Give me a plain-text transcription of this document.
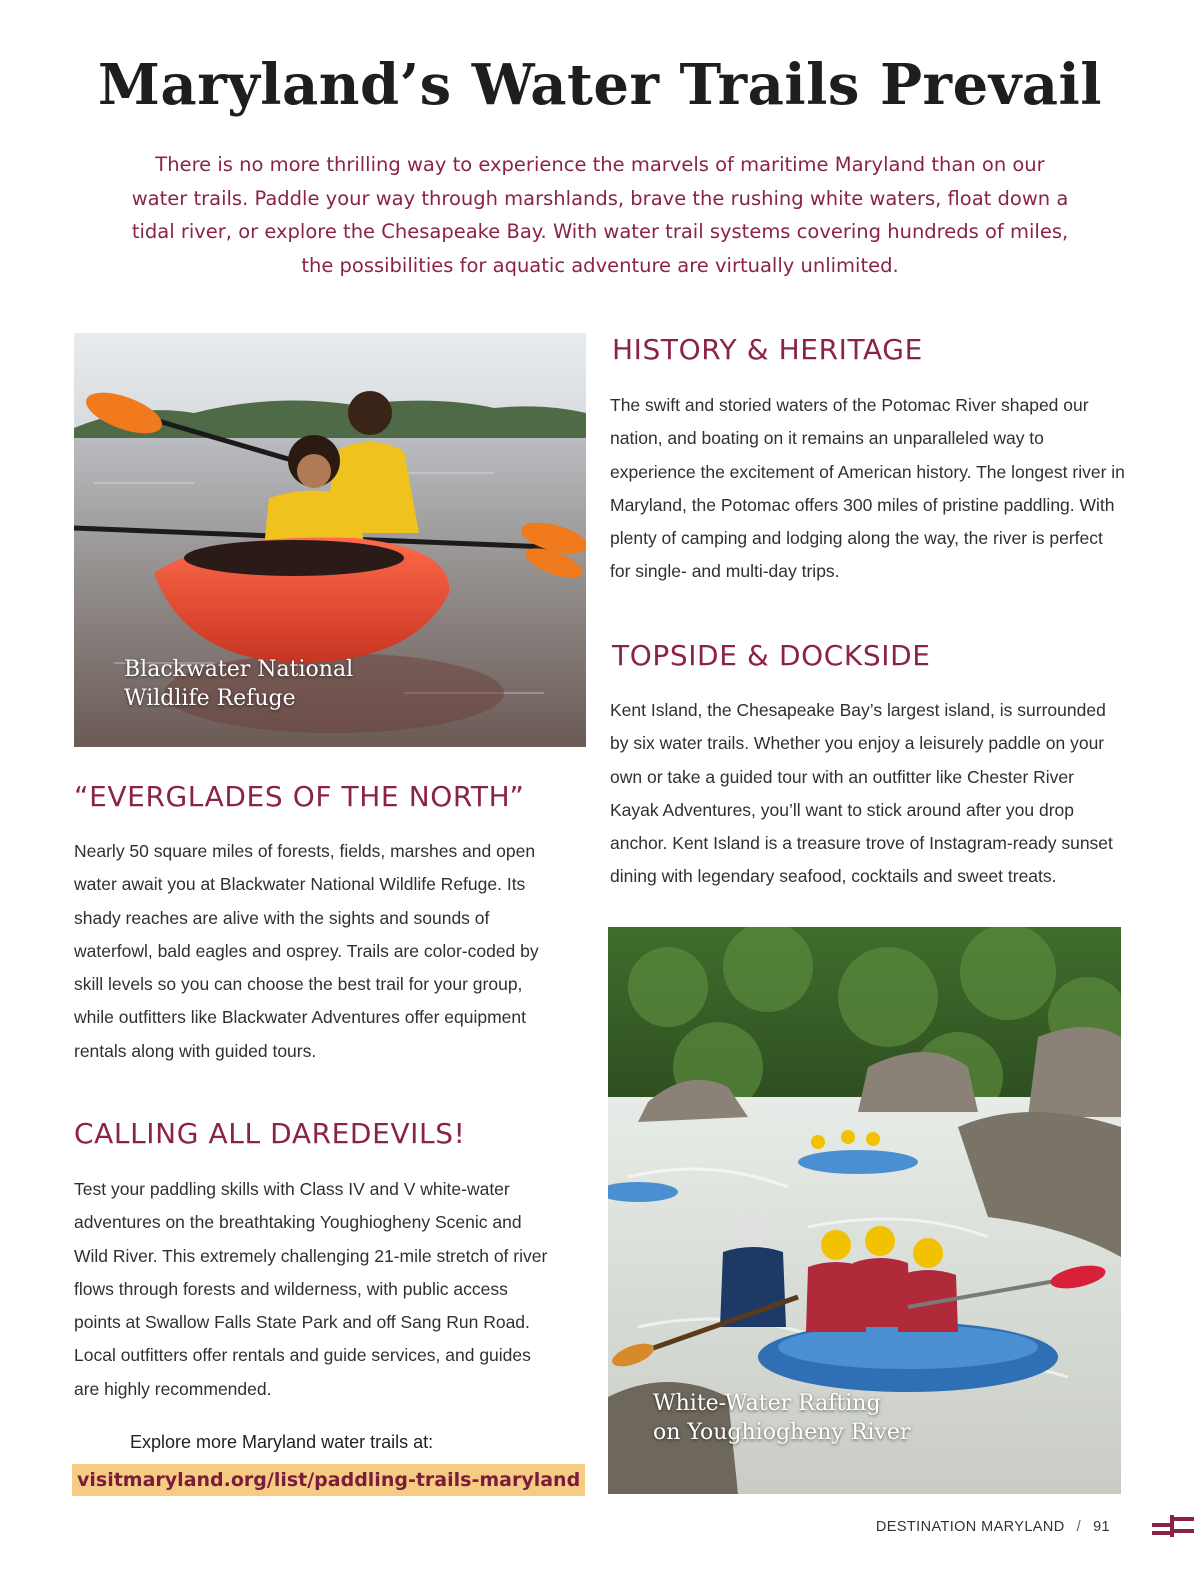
Maryland’s Water Trails Prevail

There is no more thrilling way to experience the marvels of maritime Maryland than on our water trails. Paddle your way through marshlands, brave the rushing white waters, float down a tidal river, or explore the Chesapeake Bay. With water trail systems covering hundreds of miles, the possibilities for aquatic adventure are virtually unlimited.

Blackwater National
Wildlife Refuge
“EVERGLADES OF THE NORTH”

Nearly 50 square miles of forests, fields, marshes and open water await you at Blackwater National Wildlife Refuge. Its shady reaches are alive with the sights and sounds of waterfowl, bald eagles and osprey. Trails are color-coded by skill levels so you can choose the best trail for your group, while outfitters like Blackwater Adventures offer equipment rentals along with guided tours.

CALLING ALL DAREDEVILS!

Test your paddling skills with Class IV and V white-water adventures on the breathtaking Youghiogheny Scenic and Wild River. This extremely challenging 21-mile stretch of river flows through forests and wilderness, with public access points at Swallow Falls State Park and off Sang Run Road. Local outfitters offer rentals and guide services, and guides are highly recommended.

Explore more Maryland water trails at:
visitmaryland.org/list/paddling-trails-maryland
HISTORY & HERITAGE

The swift and storied waters of the Potomac River shaped our nation, and boating on it remains an unparalleled way to experience the excitement of American history. The longest river in Maryland, the Potomac offers 300 miles of pristine paddling. With plenty of camping and lodging along the way, the river is perfect for single- and multi-day trips.

TOPSIDE & DOCKSIDE

Kent Island, the Chesapeake Bay’s largest island, is surrounded by six water trails. Whether you enjoy a leisurely paddle on your own or take a guided tour with an outfitter like Chester River Kayak Adventures, you’ll want to stick around after you drop anchor. Kent Island is a treasure trove of Instagram-ready sunset dining with legendary seafood, cocktails and sweet treats.

White-Water Rafting
on Youghiogheny River
DESTINATION MARYLAND / 91
